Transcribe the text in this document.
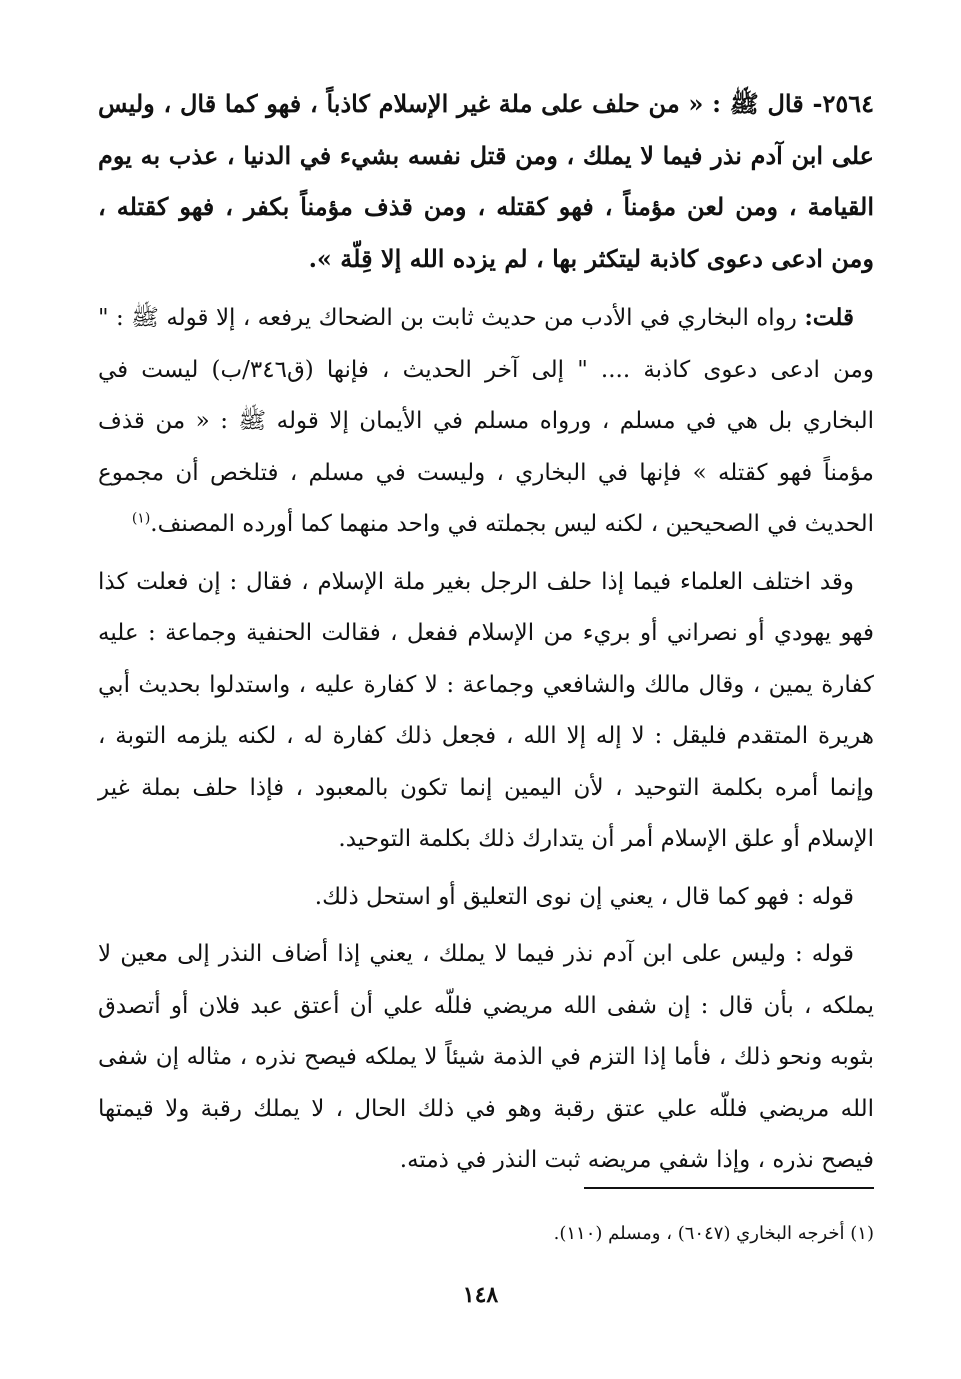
٢٥٦٤- قال ﷺ : « من حلف على ملة غير الإسلام كاذباً ، فهو كما قال ، وليس على ابن آدم نذر فيما لا يملك ، ومن قتل نفسه بشيء في الدنيا ، عذب به يوم القيامة ، ومن لعن مؤمناً ، فهو كقتله ، ومن قذف مؤمناً بكفر ، فهو كقتله ، ومن ادعى دعوى كاذبة ليتكثر بها ، لم يزده الله إلا قِلّة ».

قلت: رواه البخاري في الأدب من حديث ثابت بن الضحاك يرفعه ، إلا قوله ﷺ : " ومن ادعى دعوى كاذبة .... " إلى آخر الحديث ، فإنها (ق٣٤٦/ب) ليست في البخاري بل هي في مسلم ، ورواه مسلم في الأيمان إلا قوله ﷺ : « من قذف مؤمناً فهو كقتله » فإنها في البخاري ، وليست في مسلم ، فتلخص أن مجموع الحديث في الصحيحين ، لكنه ليس بجملته في واحد منهما كما أورده المصنف.$^{(١)}$

وقد اختلف العلماء فيما إذا حلف الرجل بغير ملة الإسلام ، فقال : إن فعلت كذا فهو يهودي أو نصراني أو بريء من الإسلام ففعل ، فقالت الحنفية وجماعة : عليه كفارة يمين ، وقال مالك والشافعي وجماعة : لا كفارة عليه ، واستدلوا بحديث أبي هريرة المتقدم فليقل : لا إله إلا الله ، فجعل ذلك كفارة له ، لكنه يلزمه التوبة ، وإنما أمره بكلمة التوحيد ، لأن اليمين إنما تكون بالمعبود ، فإذا حلف بملة غير الإسلام أو علق الإسلام أمر أن يتدارك ذلك بكلمة التوحيد.

قوله : فهو كما قال ، يعني إن نوى التعليق أو استحل ذلك.

قوله : وليس على ابن آدم نذر فيما لا يملك ، يعني إذا أضاف النذر إلى معين لا يملكه ، بأن قال : إن شفى الله مريضي فللّه علي أن أعتق عبد فلان أو أتصدق بثوبه ونحو ذلك ، فأما إذا التزم في الذمة شيئاً لا يملكه فيصح نذره ، مثاله إن شفى الله مريضي فللّه علي عتق رقبة وهو في ذلك الحال ، لا يملك رقبة ولا قيمتها فيصح نذره ، وإذا شفي مريضه ثبت النذر في ذمته.

(١) أخرجه البخاري (٦٠٤٧) ، ومسلم (١١٠).
١٤٨
